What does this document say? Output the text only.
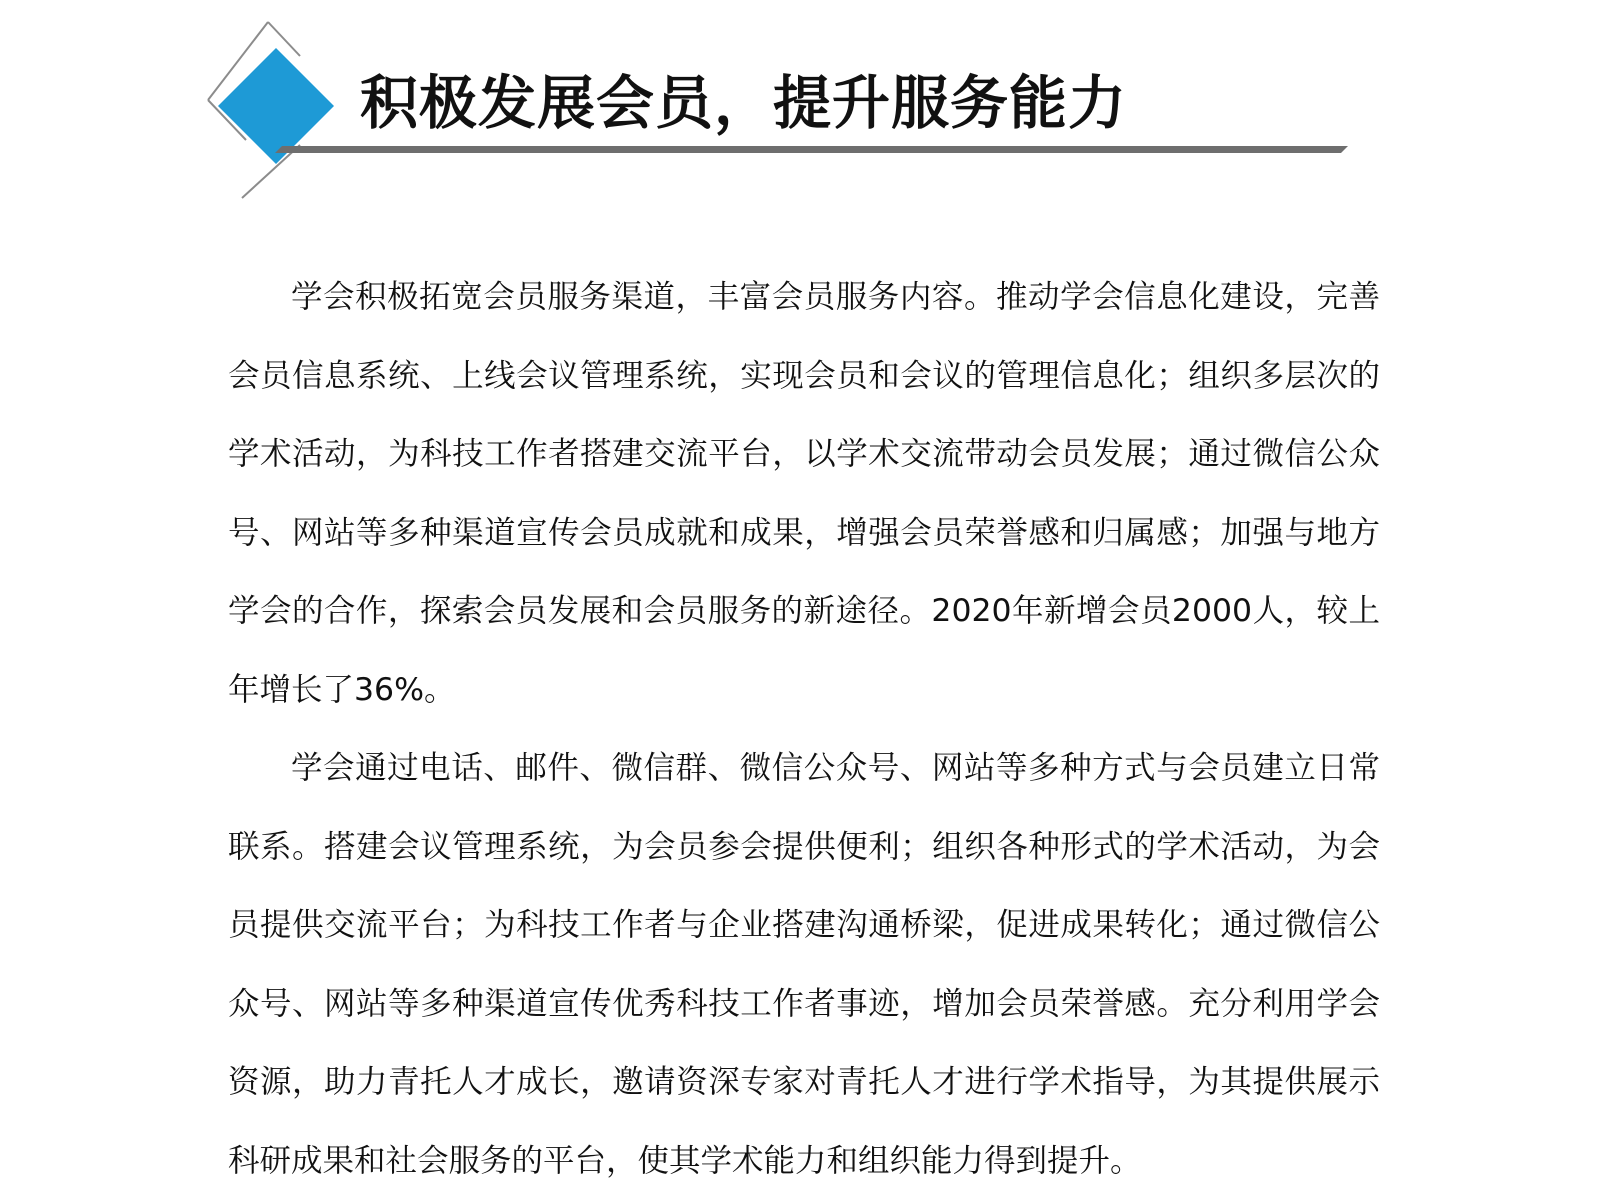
积极发展会员，提升服务能力

学会积极拓宽会员服务渠道，丰富会员服务内容。推动学会信息化建设，完善会员信息系统、上线会议管理系统，实现会员和会议的管理信息化；组织多层次的学术活动，为科技工作者搭建交流平台，以学术交流带动会员发展；通过微信公众号、网站等多种渠道宣传会员成就和成果，增强会员荣誉感和归属感；加强与地方学会的合作，探索会员发展和会员服务的新途径。2020年新增会员2000人，较上年增长了36%。

学会通过电话、邮件、微信群、微信公众号、网站等多种方式与会员建立日常联系。搭建会议管理系统，为会员参会提供便利；组织各种形式的学术活动，为会员提供交流平台；为科技工作者与企业搭建沟通桥梁，促进成果转化；通过微信公众号、网站等多种渠道宣传优秀科技工作者事迹，增加会员荣誉感。充分利用学会资源，助力青托人才成长，邀请资深专家对青托人才进行学术指导，为其提供展示科研成果和社会服务的平台，使其学术能力和组织能力得到提升。
